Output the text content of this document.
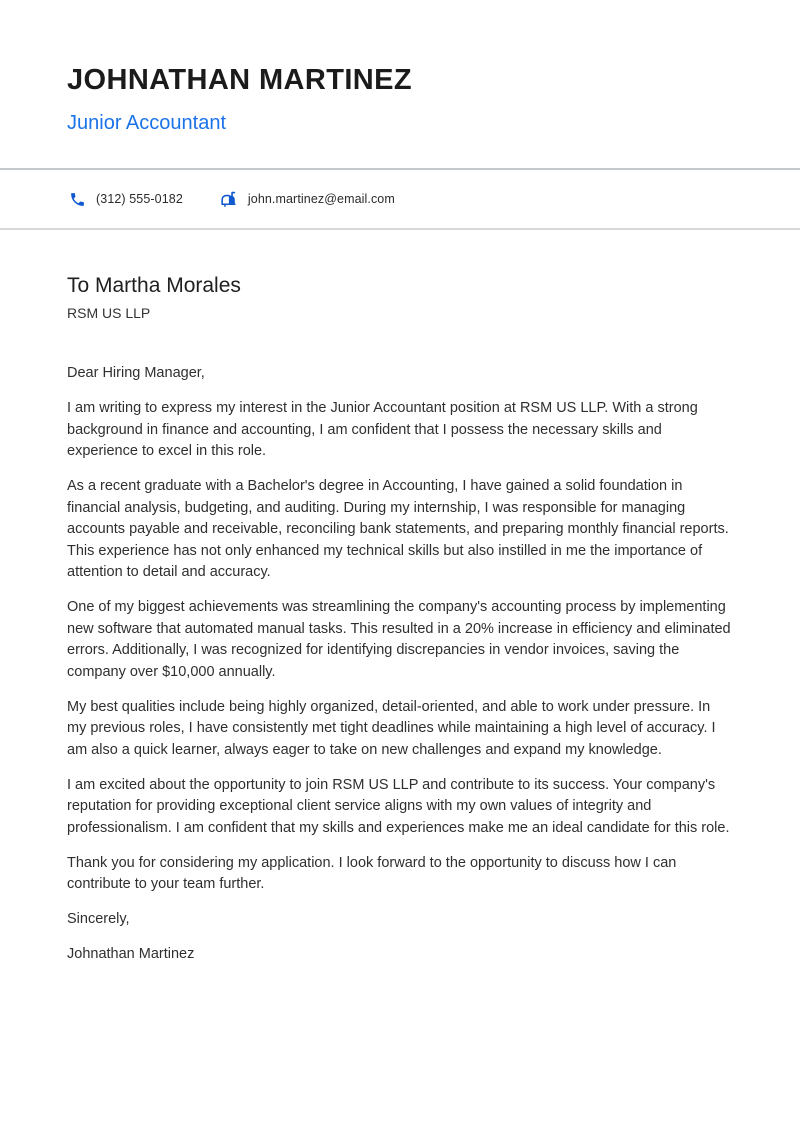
JOHNATHAN MARTINEZ
Junior Accountant
(312) 555-0182	john.martinez@email.com
To Martha Morales
RSM US LLP

Dear Hiring Manager,

I am writing to express my interest in the Junior Accountant position at RSM US LLP. With a strong background in finance and accounting, I am confident that I possess the necessary skills and experience to excel in this role.

As a recent graduate with a Bachelor's degree in Accounting, I have gained a solid foundation in financial analysis, budgeting, and auditing. During my internship, I was responsible for managing accounts payable and receivable, reconciling bank statements, and preparing monthly financial reports. This experience has not only enhanced my technical skills but also instilled in me the importance of attention to detail and accuracy.

One of my biggest achievements was streamlining the company's accounting process by implementing new software that automated manual tasks. This resulted in a 20% increase in efficiency and eliminated errors. Additionally, I was recognized for identifying discrepancies in vendor invoices, saving the company over $10,000 annually.

My best qualities include being highly organized, detail-oriented, and able to work under pressure. In my previous roles, I have consistently met tight deadlines while maintaining a high level of accuracy. I am also a quick learner, always eager to take on new challenges and expand my knowledge.

I am excited about the opportunity to join RSM US LLP and contribute to its success. Your company's reputation for providing exceptional client service aligns with my own values of integrity and professionalism. I am confident that my skills and experiences make me an ideal candidate for this role.

Thank you for considering my application. I look forward to the opportunity to discuss how I can contribute to your team further.

Sincerely,

Johnathan Martinez
